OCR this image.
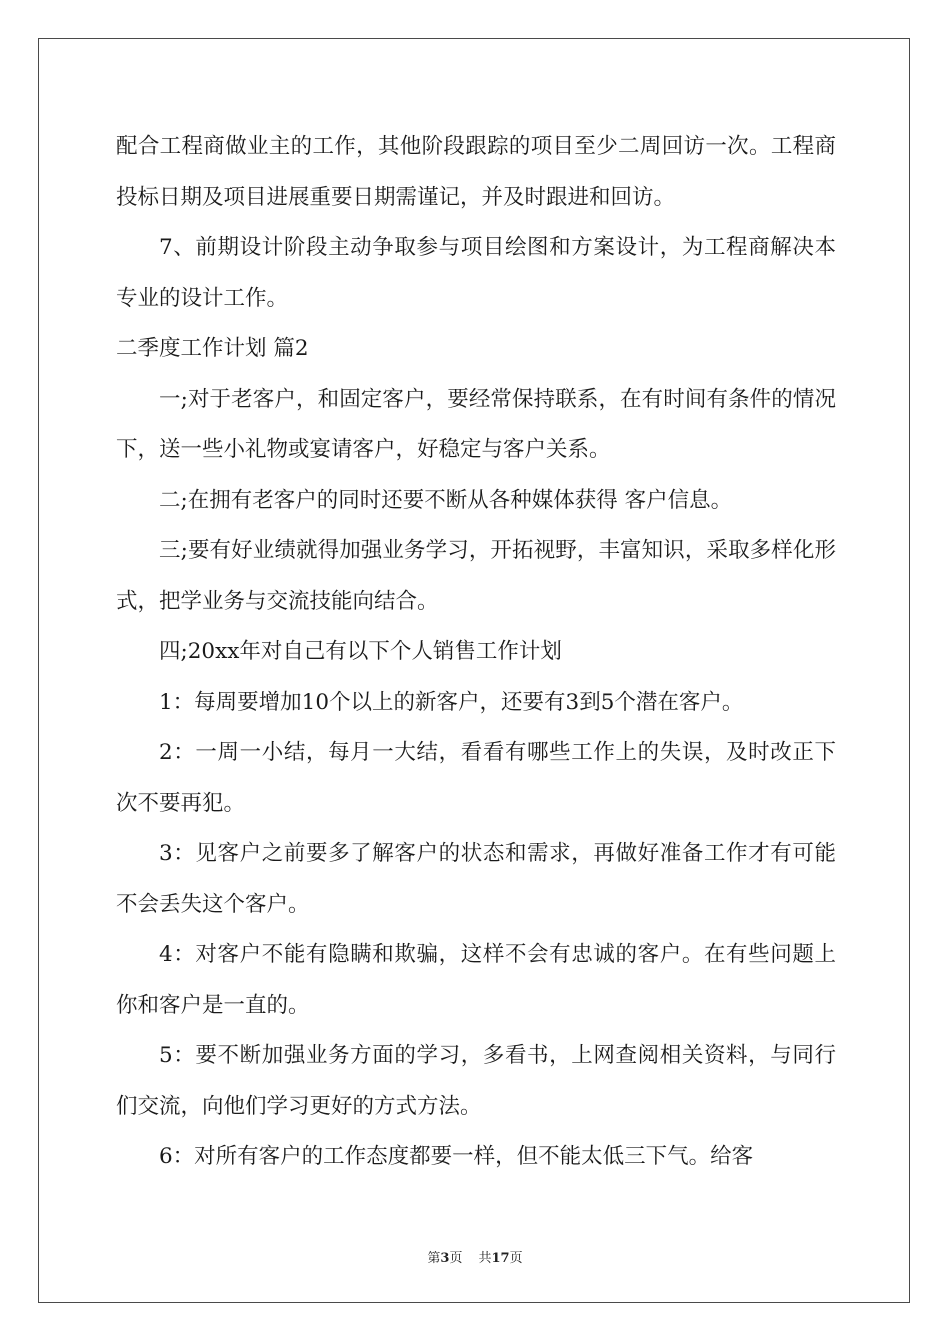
配合工程商做业主的工作，其他阶段跟踪的项目至少二周回访一次。工程商投标日期及项目进展重要日期需谨记，并及时跟进和回访。

7、前期设计阶段主动争取参与项目绘图和方案设计，为工程商解决本专业的设计工作。

二季度工作计划 篇2

一;对于老客户，和固定客户，要经常保持联系，在有时间有条件的情况下，送一些小礼物或宴请客户，好稳定与客户关系。

二;在拥有老客户的同时还要不断从各种媒体获得 客户信息。

三;要有好业绩就得加强业务学习，开拓视野，丰富知识，采取多样化形式，把学业务与交流技能向结合。

四;20xx年对自己有以下个人销售工作计划

1：每周要增加10个以上的新客户，还要有3到5个潜在客户。

2：一周一小结，每月一大结，看看有哪些工作上的失误，及时改正下次不要再犯。

3：见客户之前要多了解客户的状态和需求，再做好准备工作才有可能不会丢失这个客户。

4：对客户不能有隐瞒和欺骗，这样不会有忠诚的客户。在有些问题上你和客户是一直的。

5：要不断加强业务方面的学习，多看书，上网查阅相关资料，与同行们交流，向他们学习更好的方式方法。

6：对所有客户的工作态度都要一样，但不能太低三下气。给客

第3页 共17页
